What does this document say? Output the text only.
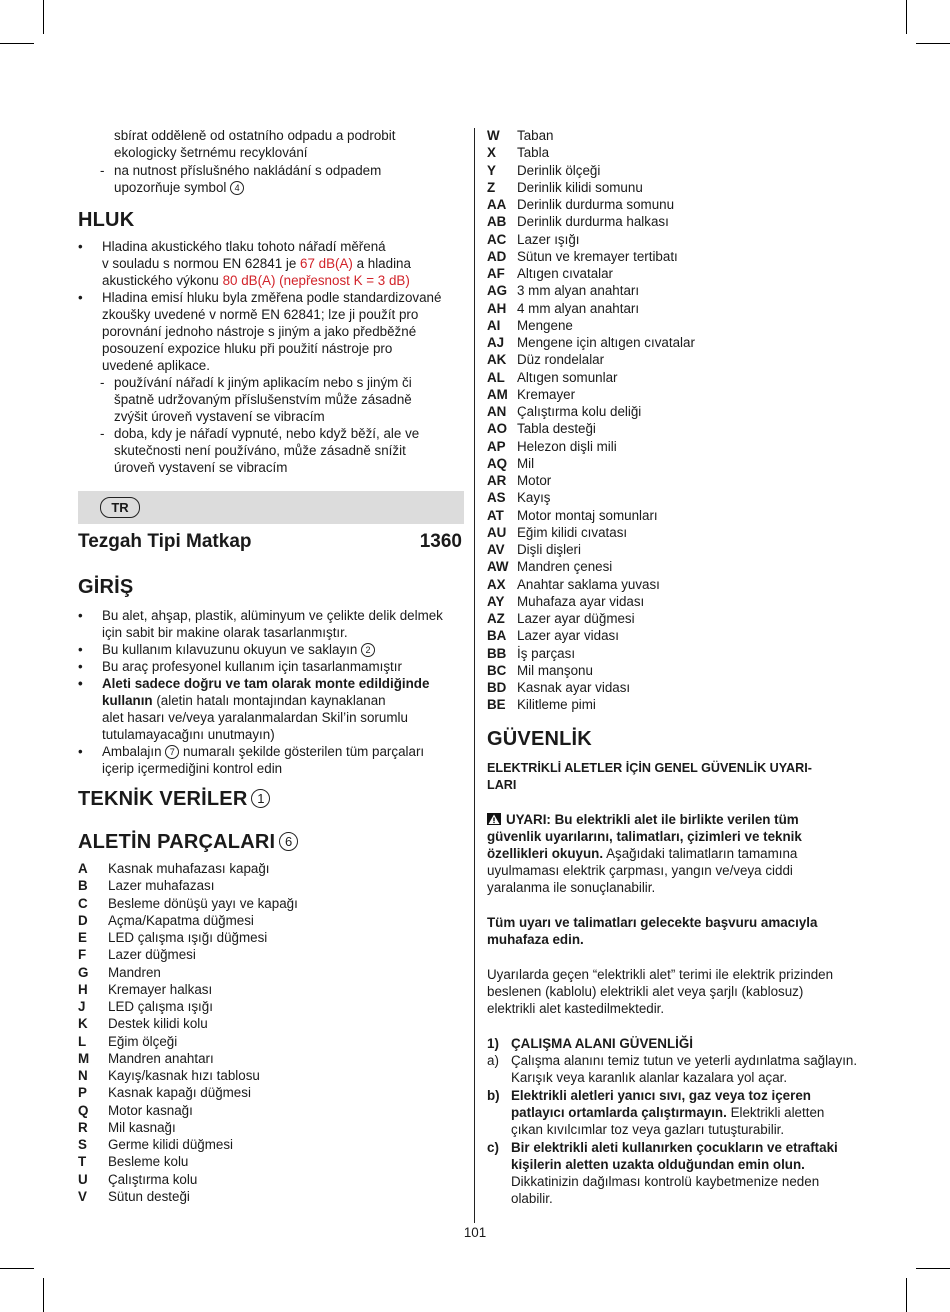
sbírat odděleně od ostatního odpadu a podrobit
ekologicky šetrnému recyklování
- na nutnost příslušného nakládání s odpadem
upozorňuje symbol 4
HLUK
• Hladina akustického tlaku tohoto nářadí měřená
v souladu s normou EN 62841 je 67 dB(A) a hladina
akustického výkonu 80 dB(A) (nepřesnost K = 3 dB)
• Hladina emisí hluku byla změřena podle standardizované
zkoušky uvedené v normě EN 62841; lze ji použít pro
porovnání jednoho nástroje s jiným a jako předběžné
posouzení expozice hluku při použití nástroje pro
uvedené aplikace.
- používání nářadí k jiným aplikacím nebo s jiným či
špatně udržovaným příslušenstvím může zásadně
zvýšit úroveň vystavení se vibracím
- doba, kdy je nářadí vypnuté, nebo když běží, ale ve
skutečnosti není používáno, může zásadně snížit
úroveň vystavení se vibracím
TR
Tezgah Tipi Matkap	1360
GİRİŞ
• Bu alet, ahşap, plastik, alüminyum ve çelikte delik delmek
için sabit bir makine olarak tasarlanmıştır.
• Bu kullanım kılavuzunu okuyun ve saklayın 2
• Bu araç profesyonel kullanım için tasarlanmamıştır
• Aleti sadece doğru ve tam olarak monte edildiğinde
kullanın (aletin hatalı montajından kaynaklanan
alet hasarı ve/veya yaralanmalardan Skil’in sorumlu
tutulamayacağını unutmayın)
• Ambalajın 7 numaralı şekilde gösterilen tüm parçaları
içerip içermediğini kontrol edin
TEKNİK VERİLER 1
ALETİN PARÇALARI 6
A Kasnak muhafazası kapağı
B Lazer muhafazası
C Besleme dönüşü yayı ve kapağı
D Açma/Kapatma düğmesi
E LED çalışma ışığı düğmesi
F Lazer düğmesi
G Mandren
H Kremayer halkası
J LED çalışma ışığı
K Destek kilidi kolu
L Eğim ölçeği
M Mandren anahtarı
N Kayış/kasnak hızı tablosu
P Kasnak kapağı düğmesi
Q Motor kasnağı
R Mil kasnağı
S Germe kilidi düğmesi
T Besleme kolu
U Çalıştırma kolu
V Sütun desteği
W Taban
X Tabla
Y Derinlik ölçeği
Z Derinlik kilidi somunu
AA Derinlik durdurma somunu
AB Derinlik durdurma halkası
AC Lazer ışığı
AD Sütun ve kremayer tertibatı
AF Altıgen cıvatalar
AG 3 mm alyan anahtarı
AH 4 mm alyan anahtarı
AI Mengene
AJ Mengene için altıgen cıvatalar
AK Düz rondelalar
AL Altıgen somunlar
AM Kremayer
AN Çalıştırma kolu deliği
AO Tabla desteği
AP Helezon dişli mili
AQ Mil
AR Motor
AS Kayış
AT Motor montaj somunları
AU Eğim kilidi cıvatası
AV Dişli dişleri
AW Mandren çenesi
AX Anahtar saklama yuvası
AY Muhafaza ayar vidası
AZ Lazer ayar düğmesi
BA Lazer ayar vidası
BB İş parçası
BC Mil manşonu
BD Kasnak ayar vidası
BE Kilitleme pimi
GÜVENLİK
ELEKTRİKLİ ALETLER İÇİN GENEL GÜVENLİK UYARI-
LARI
UYARI: Bu elektrikli alet ile birlikte verilen tüm
güvenlik uyarılarını, talimatları, çizimleri ve teknik
özellikleri okuyun. Aşağıdaki talimatların tamamına
uyulmaması elektrik çarpması, yangın ve/veya ciddi
yaralanma ile sonuçlanabilir.
Tüm uyarı ve talimatları gelecekte başvuru amacıyla
muhafaza edin.
Uyarılarda geçen “elektrikli alet” terimi ile elektrik prizinden
beslenen (kablolu) elektrikli alet veya şarjlı (kablosuz)
elektrikli alet kastedilmektedir.
1) ÇALIŞMA ALANI GÜVENLİĞİ
a) Çalışma alanını temiz tutun ve yeterli aydınlatma sağlayın.
Karışık veya karanlık alanlar kazalara yol açar.
b) Elektrikli aletleri yanıcı sıvı, gaz veya toz içeren
patlayıcı ortamlarda çalıştırmayın. Elektrikli aletten
çıkan kıvılcımlar toz veya gazları tutuşturabilir.
c) Bir elektrikli aleti kullanırken çocukların ve etraftaki
kişilerin aletten uzakta olduğundan emin olun.
Dikkatinizin dağılması kontrolü kaybetmenize neden
olabilir.
101
